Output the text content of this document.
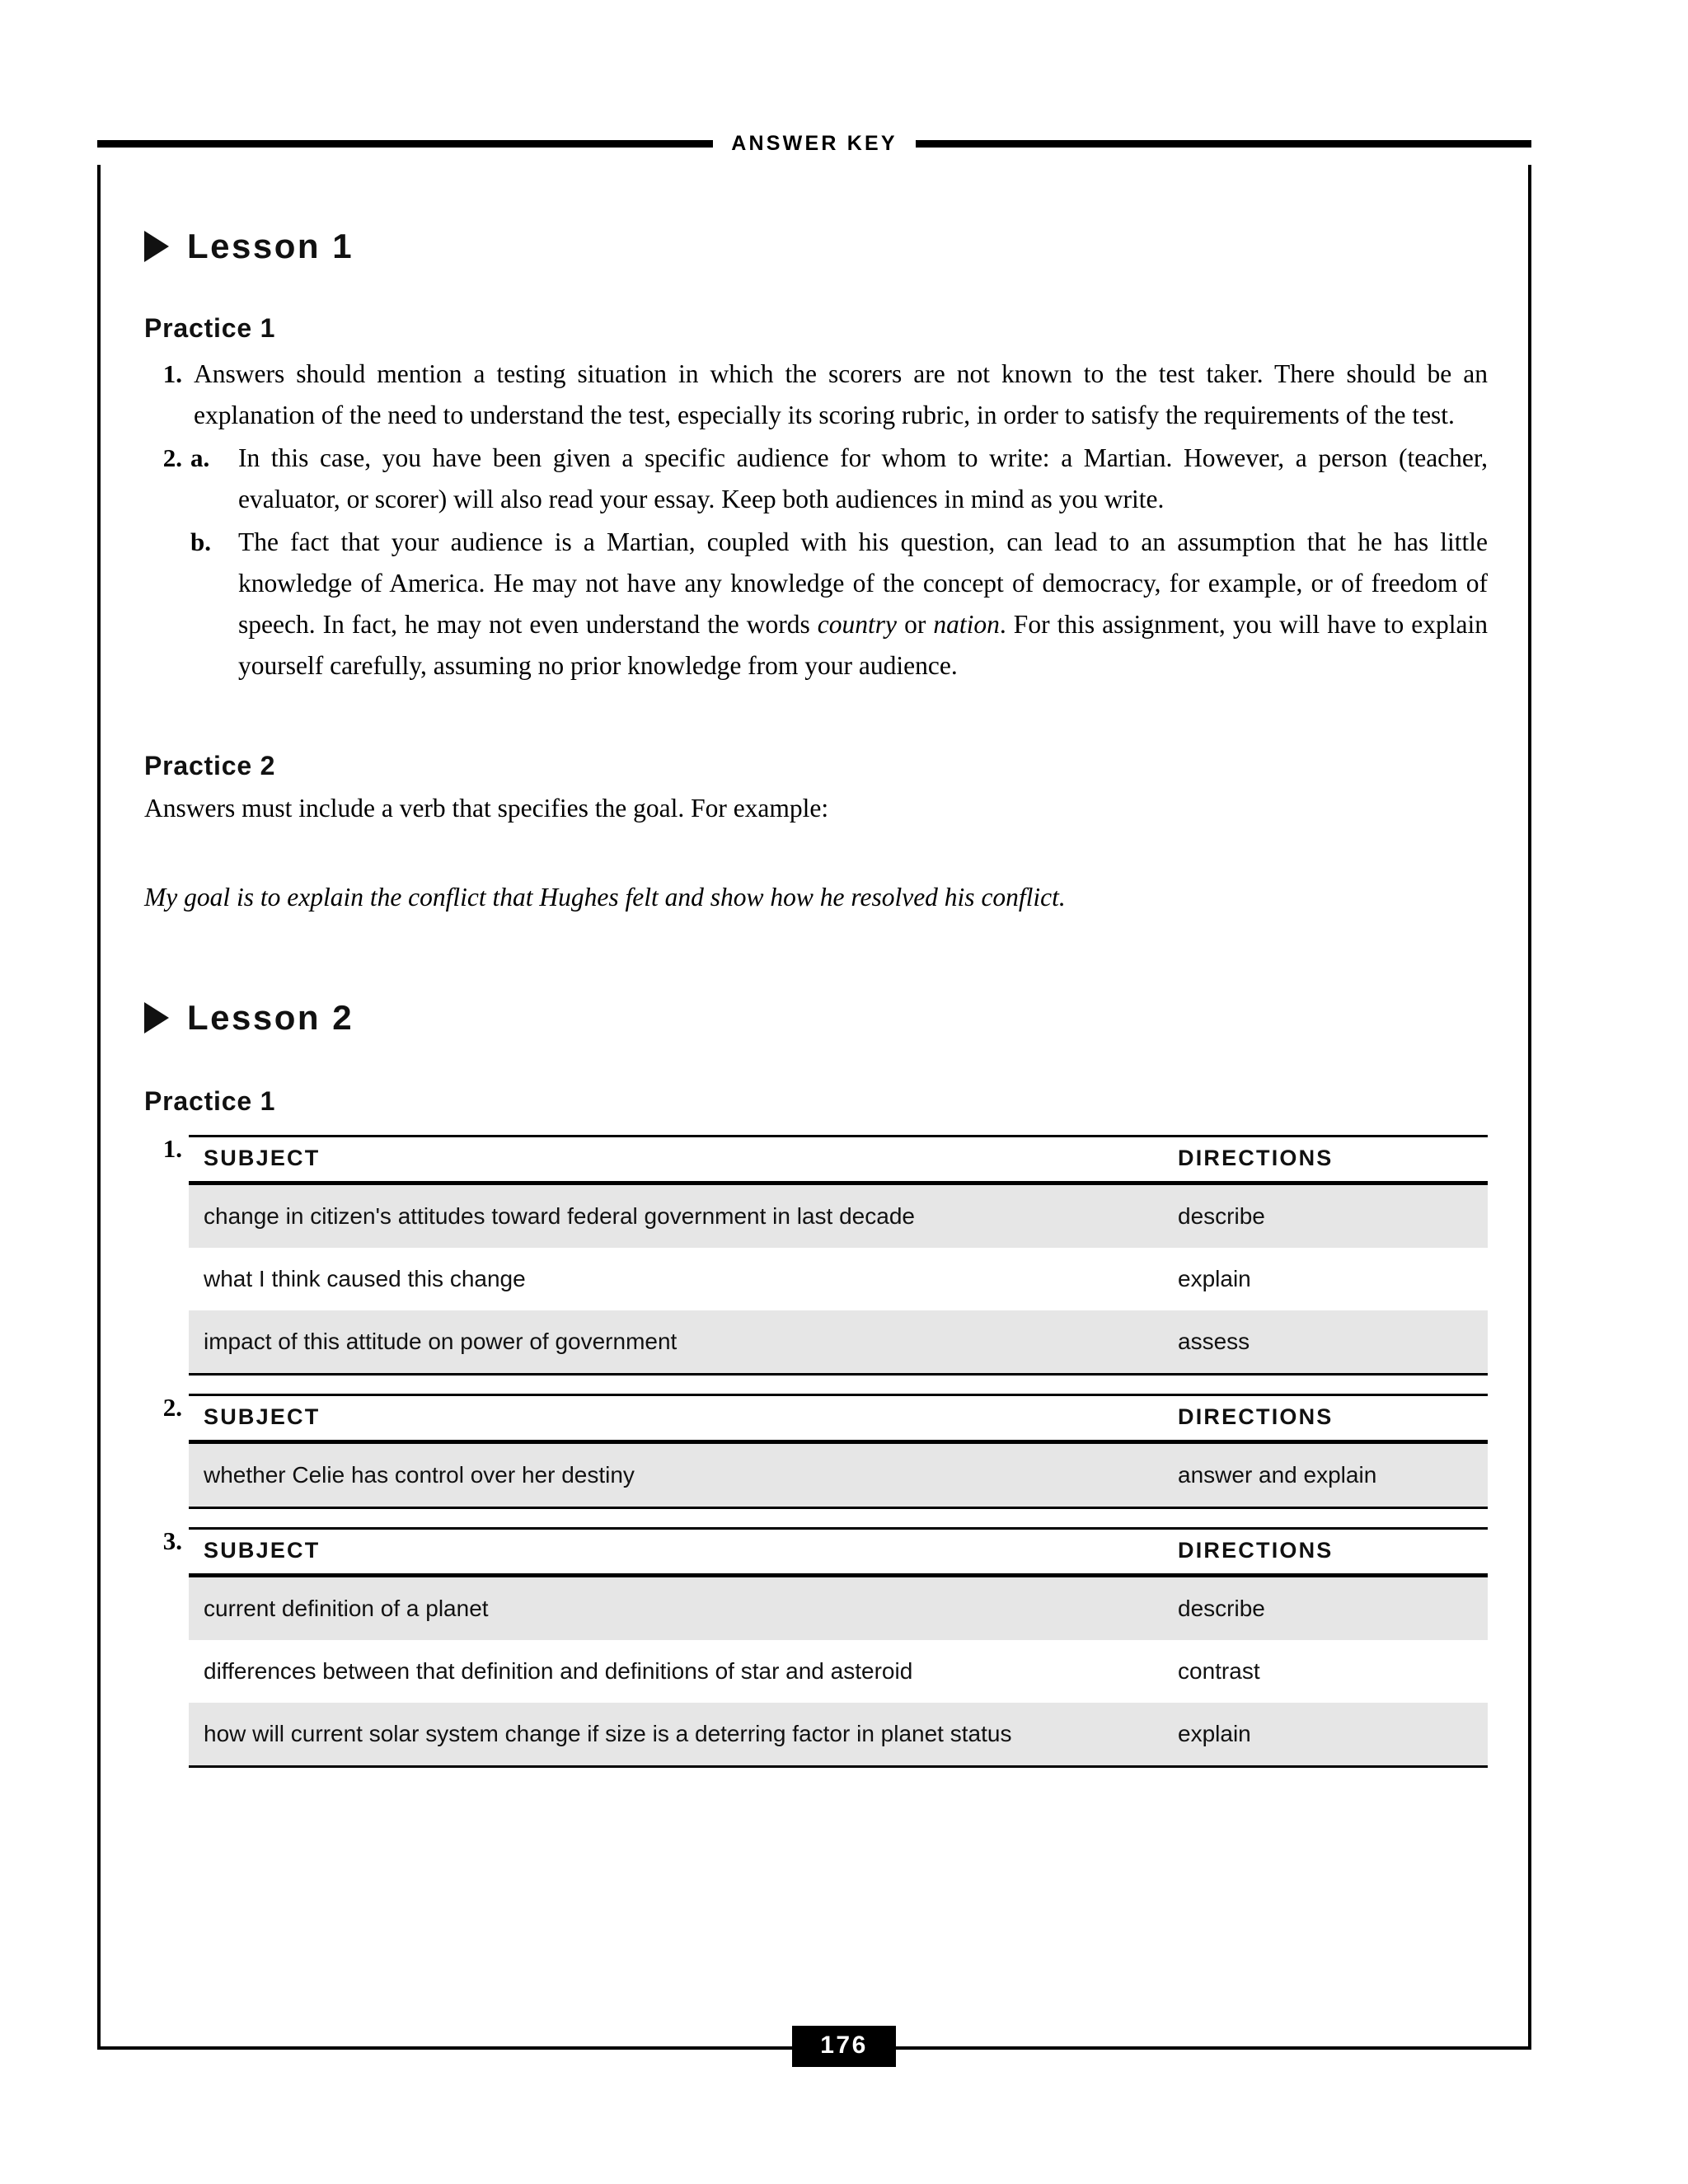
ANSWER KEY
Lesson 1
Practice 1
1. Answers should mention a testing situation in which the scorers are not known to the test taker. There should be an explanation of the need to understand the test, especially its scoring rubric, in order to satisfy the requirements of the test.
2. a.	In this case, you have been given a specific audience for whom to write: a Martian. However, a person (teacher, evaluator, or scorer) will also read your essay. Keep both audiences in mind as you write.
b.	The fact that your audience is a Martian, coupled with his question, can lead to an assumption that he has little knowledge of America. He may not have any knowledge of the concept of democracy, for example, or of freedom of speech. In fact, he may not even understand the words country or nation. For this assignment, you will have to explain yourself carefully, assuming no prior knowledge from your audience.
Practice 2
Answers must include a verb that specifies the goal. For example:
My goal is to explain the conflict that Hughes felt and show how he resolved his conflict.
Lesson 2
Practice 1
1. SUBJECT	DIRECTIONS
change in citizen's attitudes toward federal government in last decade	describe
what I think caused this change	explain
impact of this attitude on power of government	assess
2. SUBJECT	DIRECTIONS
whether Celie has control over her destiny	answer and explain
3. SUBJECT	DIRECTIONS
current definition of a planet	describe
differences between that definition and definitions of star and asteroid	contrast
how will current solar system change if size is a deterring factor in planet status	explain
176
